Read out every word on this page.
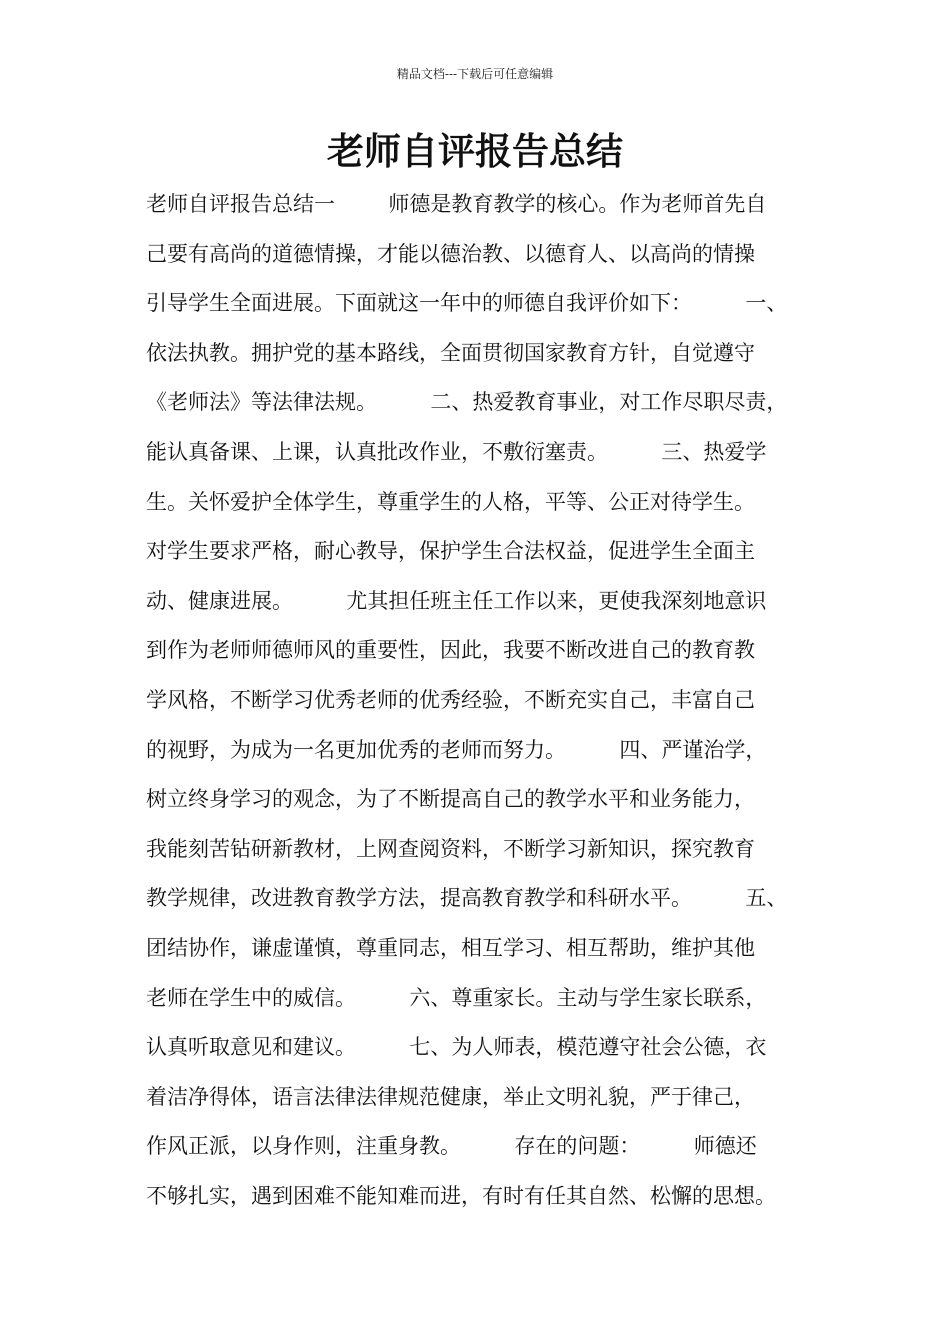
精品文档---下载后可任意编辑
老师自评报告总结
老师自评报告总结一        师德是教育教学的核心。作为老师首先自
己要有高尚的道德情操，才能以德治教、以德育人、以高尚的情操
引导学生全面进展。下面就这一年中的师德自我评价如下：        一、
依法执教。拥护党的基本路线，全面贯彻国家教育方针，自觉遵守
《老师法》等法律法规。        二、热爱教育事业，对工作尽职尽责，
能认真备课、上课，认真批改作业，不敷衍塞责。        三、热爱学
生。关怀爱护全体学生，尊重学生的人格，平等、公正对待学生。
对学生要求严格，耐心教导，保护学生合法权益，促进学生全面主
动、健康进展。        尤其担任班主任工作以来，更使我深刻地意识
到作为老师师德师风的重要性，因此，我要不断改进自己的教育教
学风格，不断学习优秀老师的优秀经验，不断充实自己，丰富自己
的视野，为成为一名更加优秀的老师而努力。        四、严谨治学，
树立终身学习的观念，为了不断提高自己的教学水平和业务能力，
我能刻苦钻研新教材，上网查阅资料，不断学习新知识，探究教育
教学规律，改进教育教学方法，提高教育教学和科研水平。        五、
团结协作，谦虚谨慎，尊重同志，相互学习、相互帮助，维护其他
老师在学生中的威信。        六、尊重家长。主动与学生家长联系，
认真听取意见和建议。        七、为人师表，模范遵守社会公德，衣
着洁净得体，语言法律法律规范健康，举止文明礼貌，严于律己，
作风正派，以身作则，注重身教。        存在的问题：        师德还
不够扎实，遇到困难不能知难而进，有时有任其自然、松懈的思想。
